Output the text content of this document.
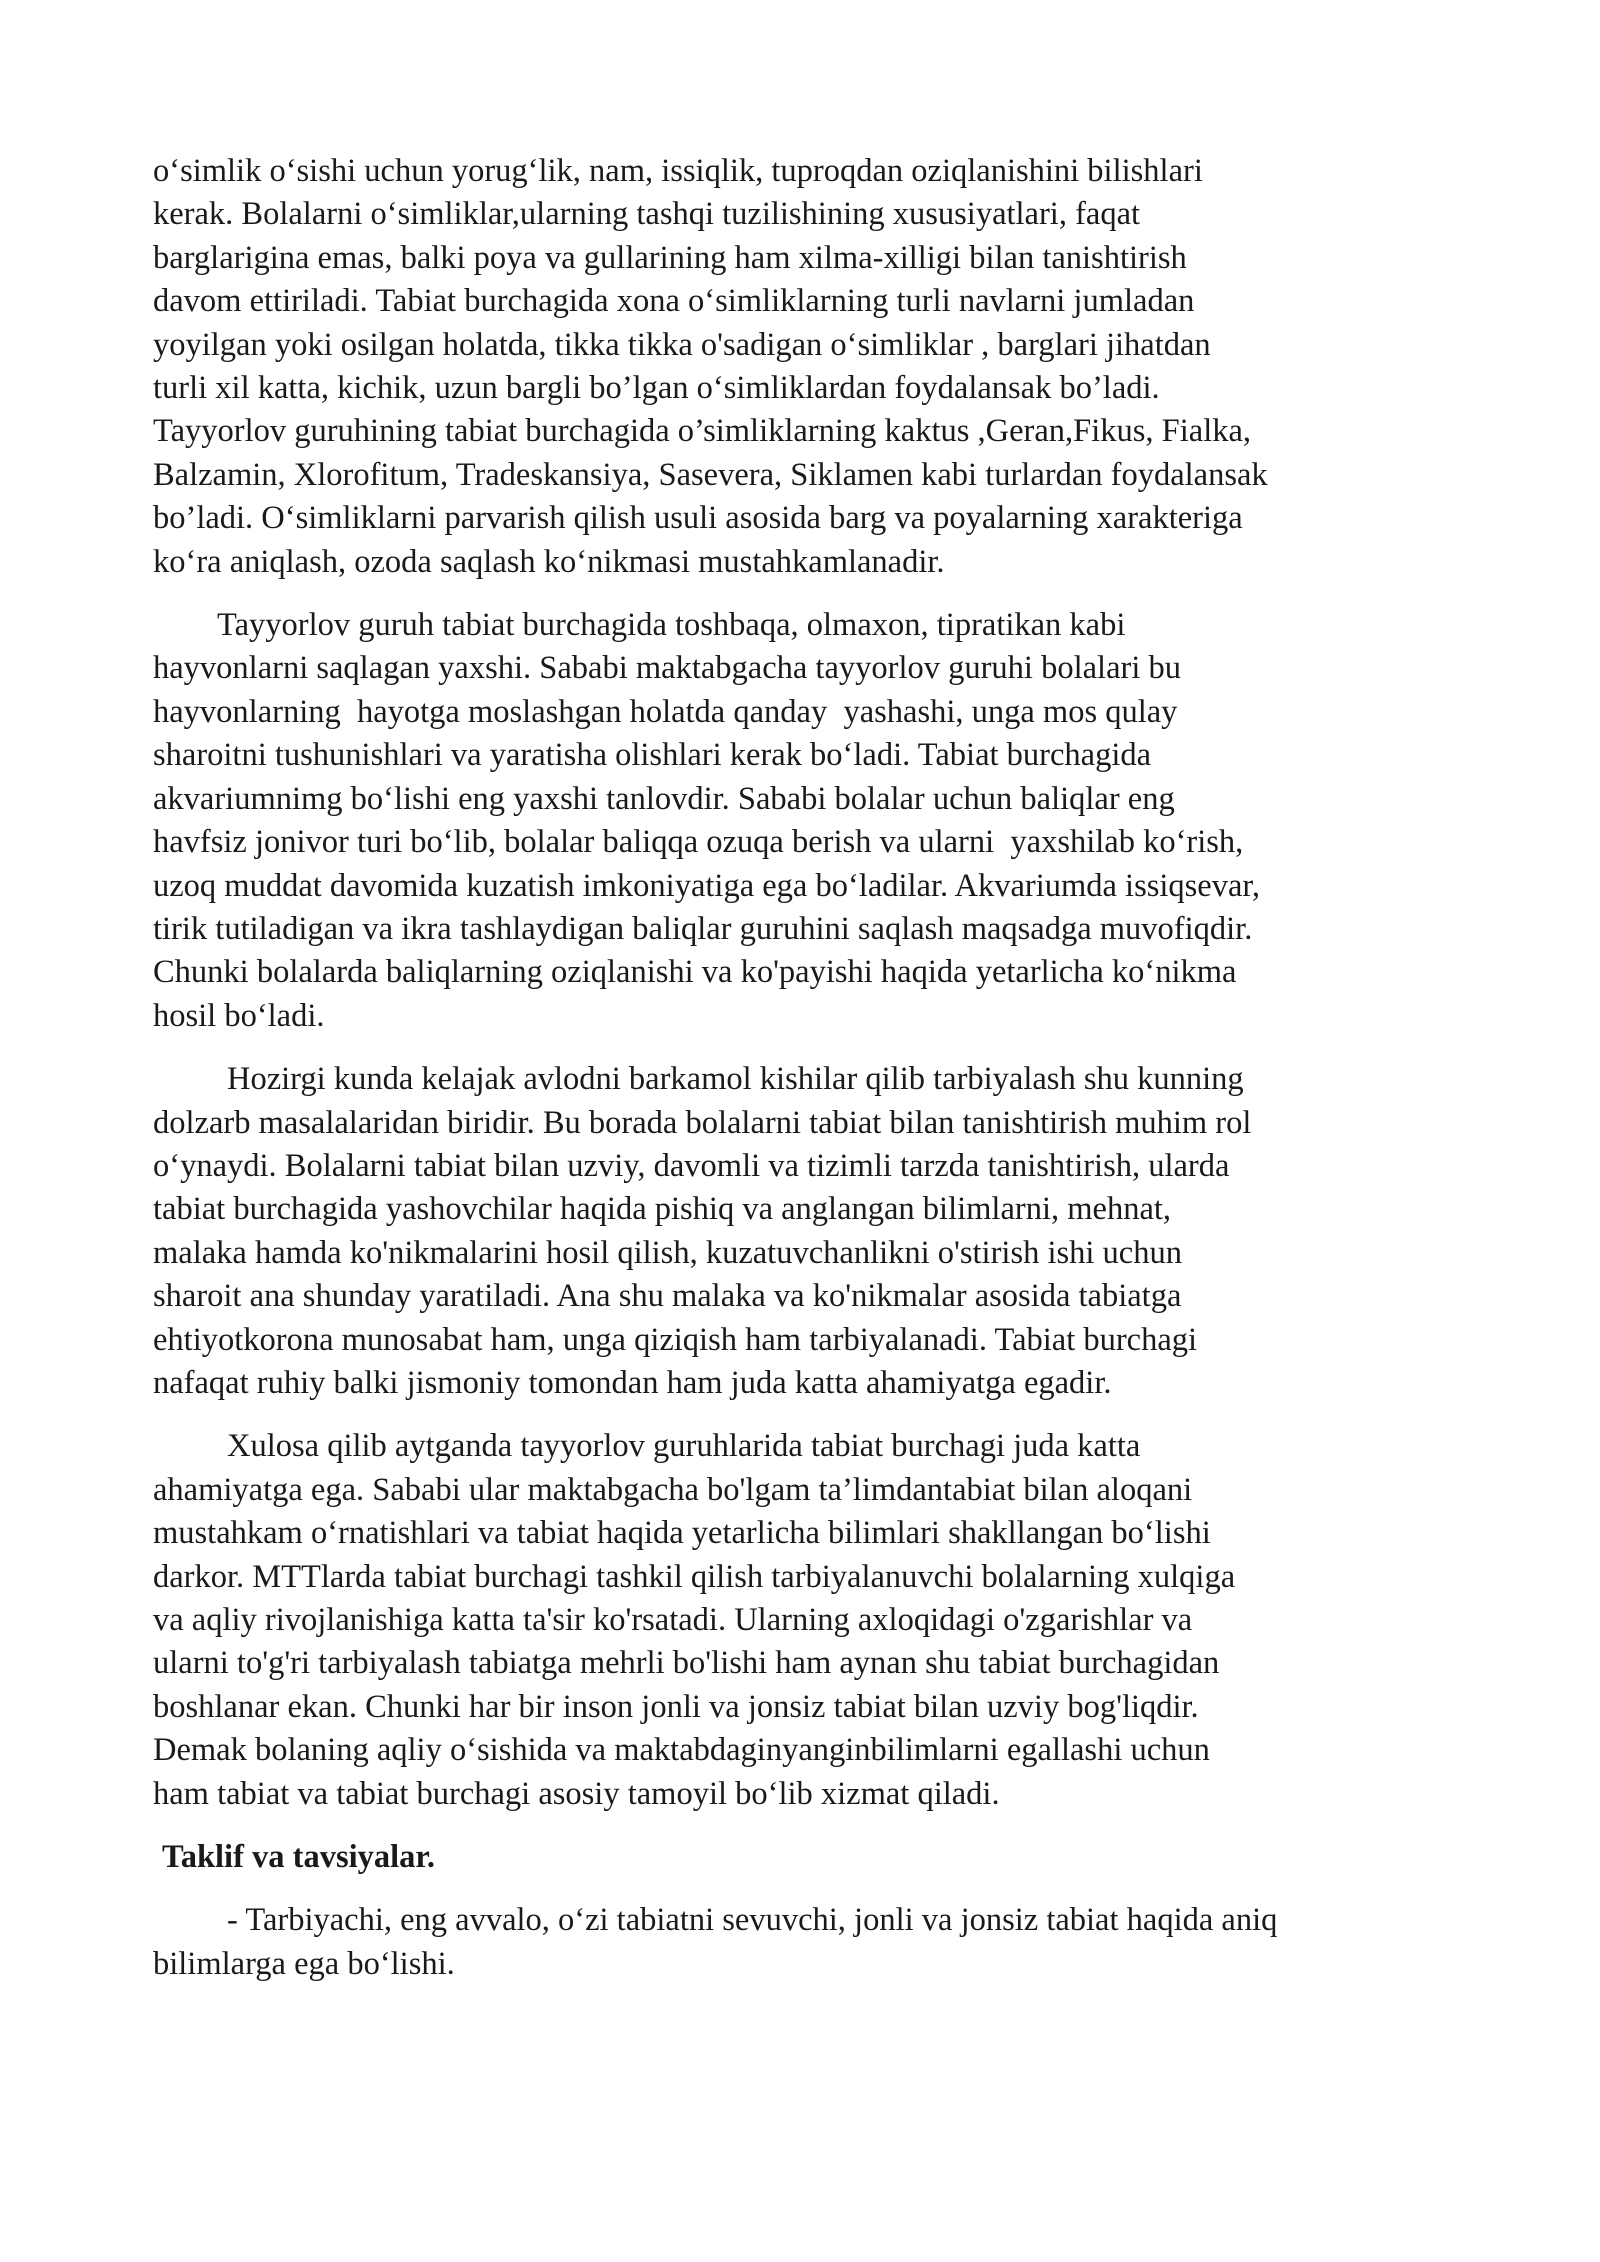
o‘simlik o‘sishi uchun yorug‘lik, nam, issiqlik, tuproqdan oziqlanishini bilishlari
kerak. Bolalarni o‘simliklar,ularning tashqi tuzilishining xususiyatlari, faqat
barglarigina emas, balki poya va gullarining ham xilma-xilligi bilan tanishtirish
davom ettiriladi. Tabiat burchagida xona o‘simliklarning turli navlarni jumladan
yoyilgan yoki osilgan holatda, tikka tikka o'sadigan o‘simliklar , barglari jihatdan
turli xil katta, kichik, uzun bargli bo’lgan o‘simliklardan foydalansak bo’ladi.
Tayyorlov guruhining tabiat burchagida o’simliklarning kaktus ,Geran,Fikus, Fialka,
Balzamin, Xlorofitum, Tradeskansiya, Sasevera, Siklamen kabi turlardan foydalansak
bo’ladi. O‘simliklarni parvarish qilish usuli asosida barg va poyalarning xarakteriga
ko‘ra aniqlash, ozoda saqlash ko‘nikmasi mustahkamlanadir.
Tayyorlov guruh tabiat burchagida toshbaqa, olmaxon, tipratikan kabi
hayvonlarni saqlagan yaxshi. Sababi maktabgacha tayyorlov guruhi bolalari bu
hayvonlarning  hayotga moslashgan holatda qanday  yashashi, unga mos qulay
sharoitni tushunishlari va yaratisha olishlari kerak bo‘ladi. Tabiat burchagida
akvariumnimg bo‘lishi eng yaxshi tanlovdir. Sababi bolalar uchun baliqlar eng
havfsiz jonivor turi bo‘lib, bolalar baliqqa ozuqa berish va ularni  yaxshilab ko‘rish,
uzoq muddat davomida kuzatish imkoniyatiga ega bo‘ladilar. Akvariumda issiqsevar,
tirik tutiladigan va ikra tashlaydigan baliqlar guruhini saqlash maqsadga muvofiqdir.
Chunki bolalarda baliqlarning oziqlanishi va ko'payishi haqida yetarlicha ko‘nikma
hosil bo‘ladi.
Hozirgi kunda kelajak avlodni barkamol kishilar qilib tarbiyalash shu kunning
dolzarb masalalaridan biridir. Bu borada bolalarni tabiat bilan tanishtirish muhim rol
o‘ynaydi. Bolalarni tabiat bilan uzviy, davomli va tizimli tarzda tanishtirish, ularda
tabiat burchagida yashovchilar haqida pishiq va anglangan bilimlarni, mehnat,
malaka hamda ko'nikmalarini hosil qilish, kuzatuvchanlikni o'stirish ishi uchun
sharoit ana shunday yaratiladi. Ana shu malaka va ko'nikmalar asosida tabiatga
ehtiyotkorona munosabat ham, unga qiziqish ham tarbiyalanadi. Tabiat burchagi
nafaqat ruhiy balki jismoniy tomondan ham juda katta ahamiyatga egadir.
Xulosa qilib aytganda tayyorlov guruhlarida tabiat burchagi juda katta
ahamiyatga ega. Sababi ular maktabgacha bo'lgam ta’limdantabiat bilan aloqani
mustahkam o‘rnatishlari va tabiat haqida yetarlicha bilimlari shakllangan bo‘lishi
darkor. MTTlarda tabiat burchagi tashkil qilish tarbiyalanuvchi bolalarning xulqiga
va aqliy rivojlanishiga katta ta'sir ko'rsatadi. Ularning axloqidagi o'zgarishlar va
ularni to'g'ri tarbiyalash tabiatga mehrli bo'lishi ham aynan shu tabiat burchagidan
boshlanar ekan. Chunki har bir inson jonli va jonsiz tabiat bilan uzviy bog'liqdir.
Demak bolaning aqliy o‘sishida va maktabdaginyanginbilimlarni egallashi uchun
ham tabiat va tabiat burchagi asosiy tamoyil bo‘lib xizmat qiladi.
Taklif va tavsiyalar.
- Tarbiyachi, eng avvalo, o‘zi tabiatni sevuvchi, jonli va jonsiz tabiat haqida aniq
bilimlarga ega bo‘lishi.
